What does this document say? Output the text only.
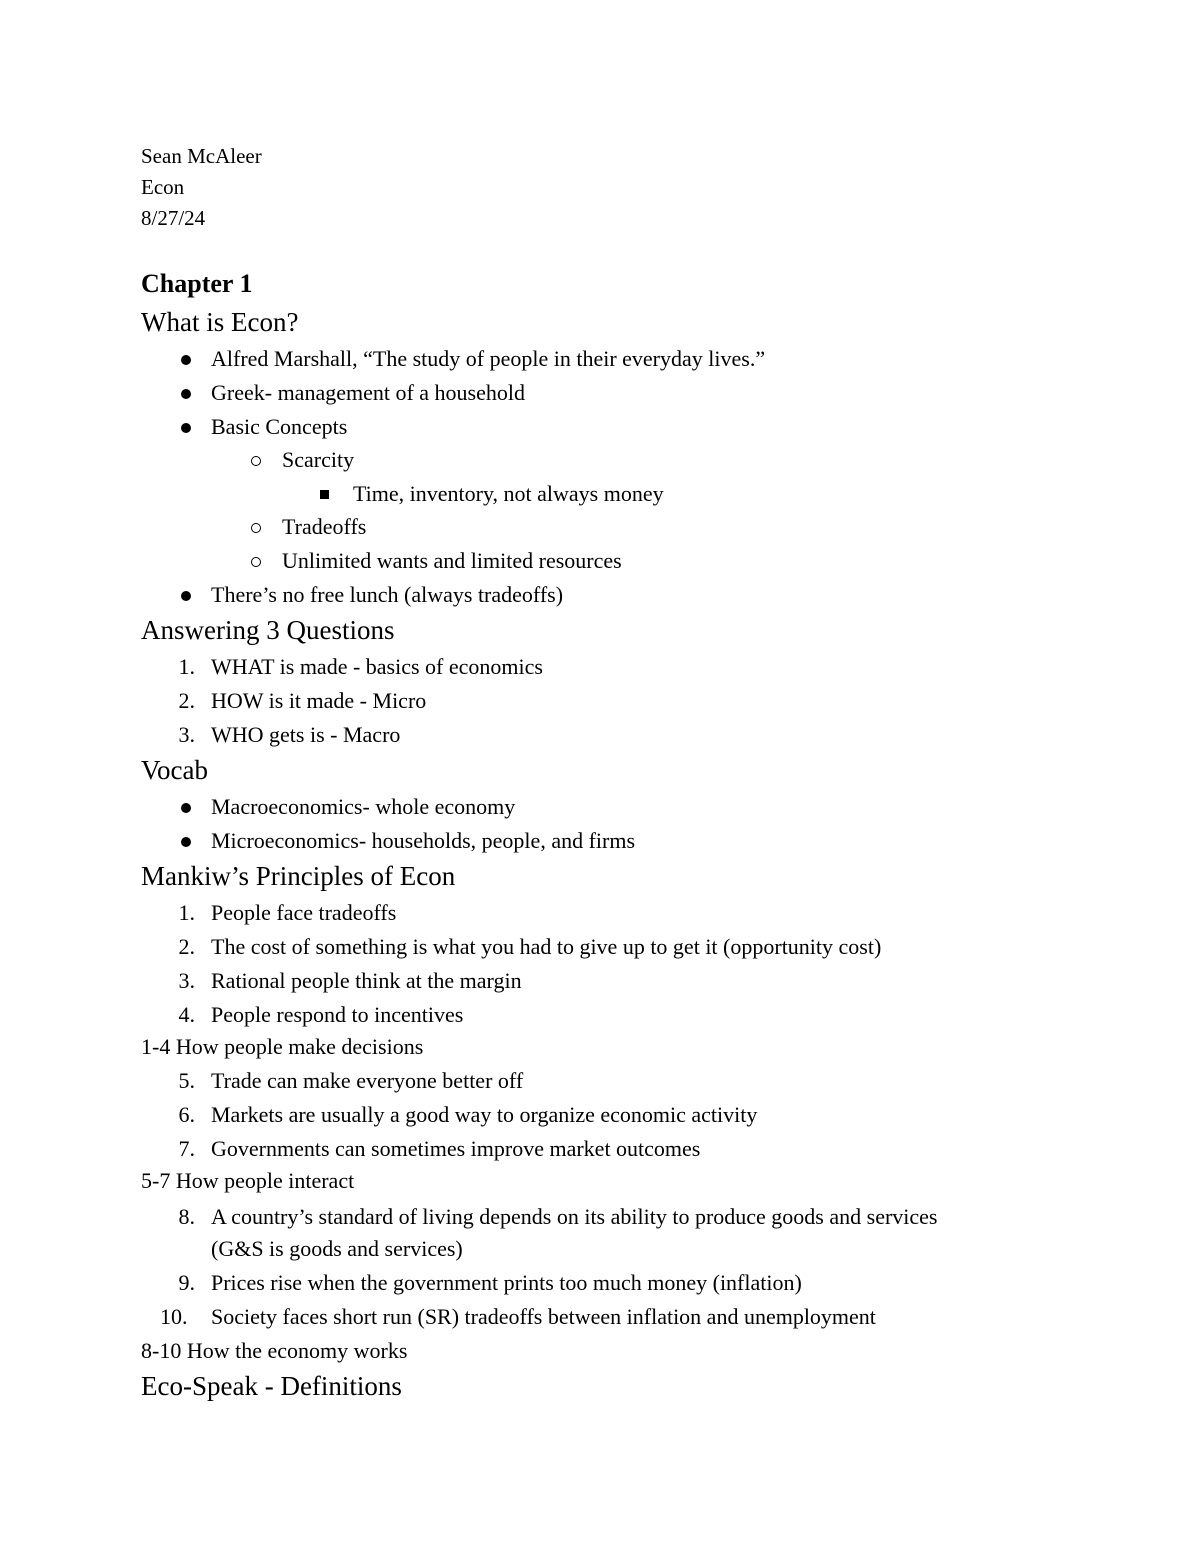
Sean McAleer
Econ
8/27/24
Chapter 1
What is Econ?
Alfred Marshall, “The study of people in their everyday lives.”
Greek- management of a household
Basic Concepts
Scarcity
Time, inventory, not always money
Tradeoffs
Unlimited wants and limited resources
There’s no free lunch (always tradeoffs)
Answering 3 Questions
1. WHAT is made - basics of economics
2. HOW is it made - Micro
3. WHO gets is - Macro
Vocab
Macroeconomics- whole economy
Microeconomics- households, people, and firms
Mankiw’s Principles of Econ
1. People face tradeoffs
2. The cost of something is what you had to give up to get it (opportunity cost)
3. Rational people think at the margin
4. People respond to incentives
1-4 How people make decisions
5. Trade can make everyone better off
6. Markets are usually a good way to organize economic activity
7. Governments can sometimes improve market outcomes
5-7 How people interact
8. A country’s standard of living depends on its ability to produce goods and services
(G&S is goods and services)
9. Prices rise when the government prints too much money (inflation)
10.	Society faces short run (SR) tradeoffs between inflation and unemployment
8-10 How the economy works
Eco-Speak - Definitions
